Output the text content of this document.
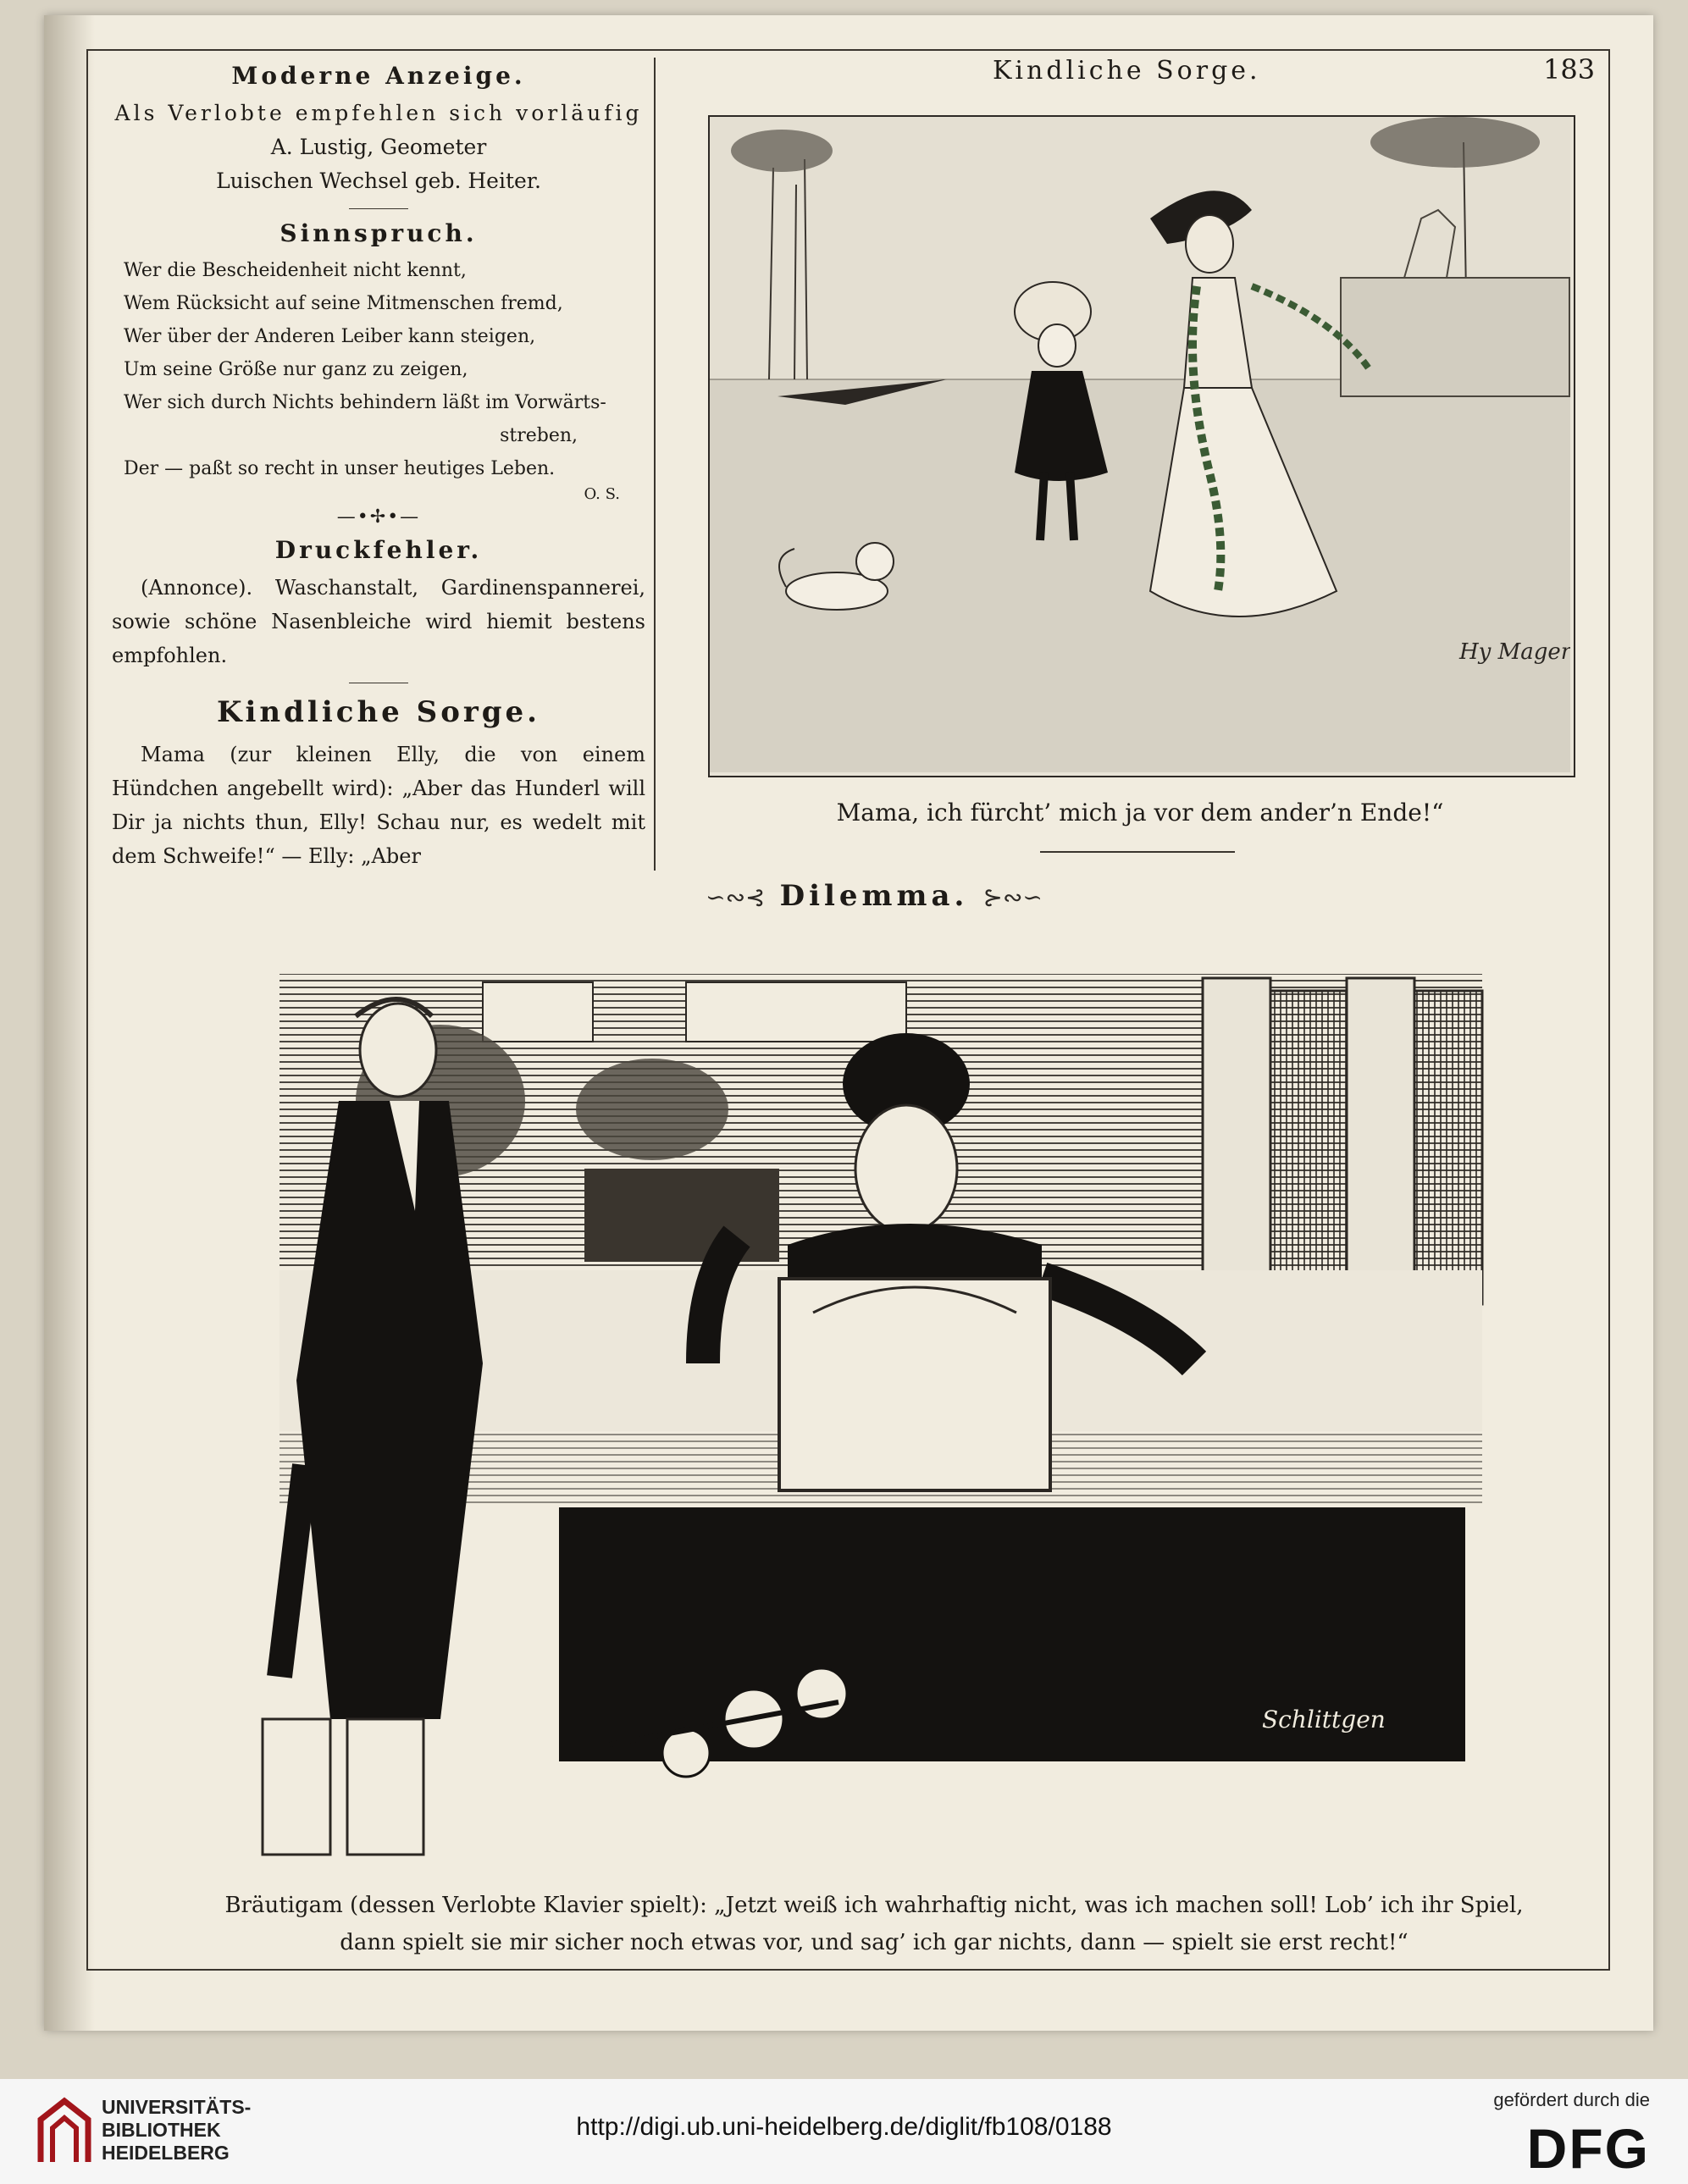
Moderne Anzeige.
Als Verlobte empfehlen sich vorläufig
A. Lustig, Geometer
Luischen Wechsel geb. Heiter.
Sinnspruch.
Wer die Bescheidenheit nicht kennt,
Wem Rücksicht auf seine Mitmenschen fremd,
Wer über der Anderen Leiber kann steigen,
Um seine Größe nur ganz zu zeigen,
Wer sich durch Nichts behindern läßt im Vorwärts-
streben,
Der — paßt so recht in unser heutiges Leben.
O. S.
—•✢•—
Druckfehler.
(Annonce). Waschanstalt, Gardinenspannerei, sowie schöne Nasenbleiche wird hiemit bestens empfohlen.
Kindliche Sorge.
Mama (zur kleinen Elly, die von einem Hündchen angebellt wird): „Aber das Hunderl will Dir ja nichts thun, Elly! Schau nur, es wedelt mit dem Schweife!“ — Elly: „Aber
Kindliche Sorge.	183
Hy Mager
Mama, ich fürcht’ mich ja vor dem ander’n Ende!“
∽∾⊰ Dilemma. ⊱∾∽
Schlittgen
Bräutigam (dessen Verlobte Klavier spielt): „Jetzt weiß ich wahrhaftig nicht, was ich machen soll! Lob’ ich ihr Spiel, dann spielt sie mir sicher noch etwas vor, und sag’ ich gar nichts, dann — spielt sie erst recht!“
UNIVERSITÄTS-
BIBLIOTHEK
HEIDELBERG
http://digi.ub.uni-heidelberg.de/diglit/fb108/0188
gefördert durch die
DFG
